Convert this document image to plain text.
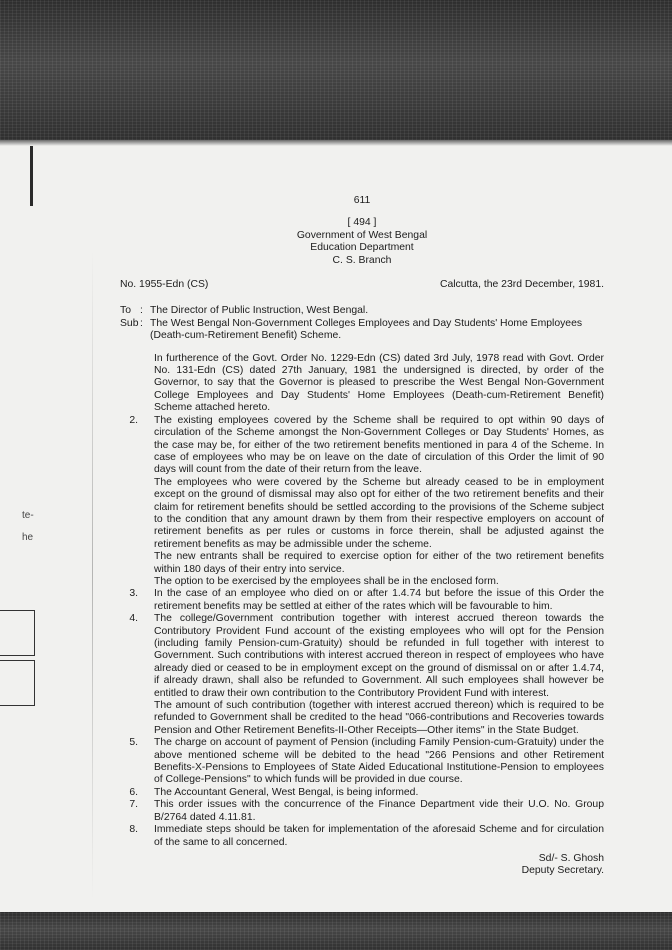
te-
he
611
[ 494 ]
Government of West Bengal
Education Department
C. S. Branch
No. 1955-Edn (CS)	Calcutta, the 23rd December, 1981.
To : The Director of Public Instruction, West Bengal.
Sub : The West Bengal Non-Government Colleges Employees and Day Students' Home Employees (Death-cum-Retirement Benefit) Scheme.

In furtherence of the Govt. Order No. 1229-Edn (CS) dated 3rd July, 1978 read with Govt. Order No. 131-Edn (CS) dated 27th January, 1981 the undersigned is directed, by order of the Governor, to say that the Governor is pleased to prescribe the West Bengal Non-Government College Employees and Day Students' Home Employees (Death-cum-Retirement Benefit) Scheme attached hereto.

2.	The existing employees covered by the Scheme shall be required to opt within 90 days of circulation of the Scheme amongst the Non-Government Colleges or Day Students' Homes, as the case may be, for either of the two retirement benefits mentioned in para 4 of the Scheme. In case of employees who may be on leave on the date of circulation of this Order the limit of 90 days will count from the date of their return from the leave.

The employees who were covered by the Scheme but already ceased to be in employment except on the ground of dismissal may also opt for either of the two retirement benefits and their claim for retirement benefits should be settled according to the provisions of the Scheme subject to the condition that any amount drawn by them from their respective employers on account of retirement benefits as per rules or customs in force therein, shall be adjusted against the retirement benefits as may be admissible under the scheme.

The new entrants shall be required to exercise option for either of the two retirement benefits within 180 days of their entry into service.

The option to be exercised by the employees shall be in the enclosed form.

3.	In the case of an employee who died on or after 1.4.74 but before the issue of this Order the retirement benefits may be settled at either of the rates which will be favourable to him.
4.	The college/Government contribution together with interest accrued thereon towards the Contributory Provident Fund account of the existing employees who will opt for the Pension (including family Pension-cum-Gratuity) should be refunded in full together with interest to Government. Such contributions with interest accrued thereon in respect of employees who have already died or ceased to be in employment except on the ground of dismissal on or after 1.4.74, if already drawn, shall also be refunded to Government. All such employees shall however be entitled to draw their own contribution to the Contributory Provident Fund with interest.

The amount of such contribution (together with interest accrued thereon) which is required to be refunded to Government shall be credited to the head "066-contributions and Recoveries towards Pension and Other Retirement Benefits-II-Other Receipts—Other items" in the State Budget.

5.	The charge on account of payment of Pension (including Family Pension-cum-Gratuity) under the above mentioned scheme will be debited to the head "266 Pensions and other Retirement Benefits-X-Pensions to Employees of State Aided Educational Institutione-Pension to employees of College-Pensions" to which funds will be provided in due course.
6.	The Accountant General, West Bengal, is being informed.
7.	This order issues with the concurrence of the Finance Department vide their U.O. No. Group B/2764 dated 4.11.81.
8.	Immediate steps should be taken for implementation of the aforesaid Scheme and for circulation of the same to all concerned.
Sd/- S. Ghosh
Deputy Secretary.
